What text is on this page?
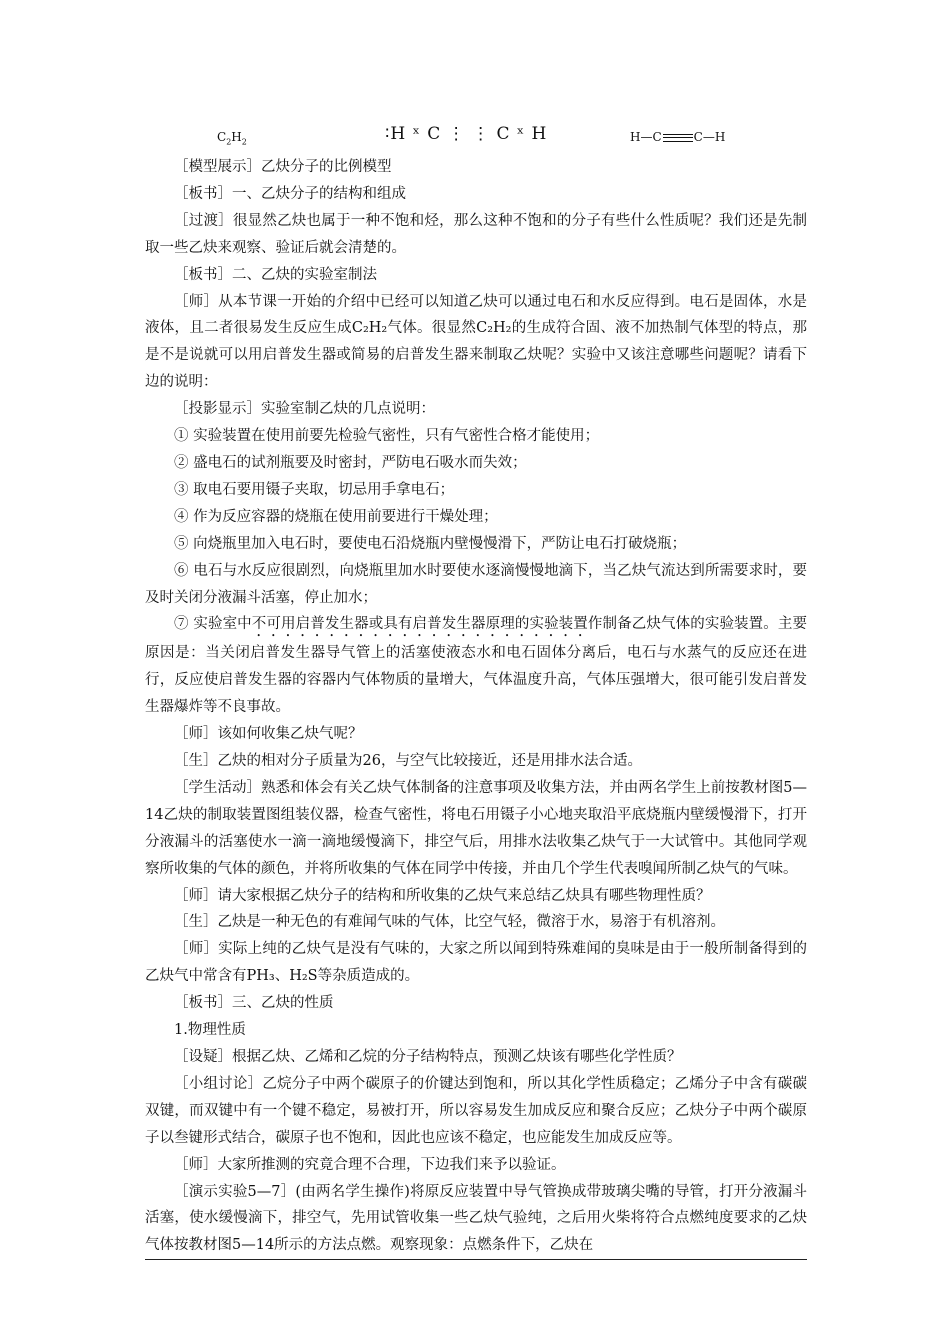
$C_2H_2$	∶H ˣ C ⋮ ⋮ C ˣ H	H—C	C—H

［模型展示］乙炔分子的比例模型

［板书］一、乙炔分子的结构和组成

［过渡］很显然乙炔也属于一种不饱和烃，那么这种不饱和的分子有些什么性质呢？我们还是先制取一些乙炔来观察、验证后就会清楚的。

［板书］二、乙炔的实验室制法

［师］从本节课一开始的介绍中已经可以知道乙炔可以通过电石和水反应得到。电石是固体，水是液体，且二者很易发生反应生成C₂H₂气体。很显然C₂H₂的生成符合固、液不加热制气体型的特点，那是不是说就可以用启普发生器或简易的启普发生器来制取乙炔呢？实验中又该注意哪些问题呢？请看下边的说明：

［投影显示］实验室制乙炔的几点说明：

① 实验装置在使用前要先检验气密性，只有气密性合格才能使用；

② 盛电石的试剂瓶要及时密封，严防电石吸水而失效；

③ 取电石要用镊子夹取，切忌用手拿电石；

④ 作为反应容器的烧瓶在使用前要进行干燥处理；

⑤ 向烧瓶里加入电石时，要使电石沿烧瓶内壁慢慢滑下，严防让电石打破烧瓶；

⑥ 电石与水反应很剧烈，向烧瓶里加水时要使水逐滴慢慢地滴下，当乙炔气流达到所需要求时，要及时关闭分液漏斗活塞，停止加水；

⑦ 实验室中不可用启普发生器或具有启普发生器原理的实验装置作制备乙炔气体的实验装置。主要原因是：当关闭启普发生器导气管上的活塞使液态水和电石固体分离后，电石与水蒸气的反应还在进行，反应使启普发生器的容器内气体物质的量增大，气体温度升高，气体压强增大，很可能引发启普发生器爆炸等不良事故。

［师］该如何收集乙炔气呢？

［生］乙炔的相对分子质量为26，与空气比较接近，还是用排水法合适。

［学生活动］熟悉和体会有关乙炔气体制备的注意事项及收集方法，并由两名学生上前按教材图5—14乙炔的制取装置图组装仪器，检查气密性，将电石用镊子小心地夹取沿平底烧瓶内壁缓慢滑下，打开分液漏斗的活塞使水一滴一滴地缓慢滴下，排空气后，用排水法收集乙炔气于一大试管中。其他同学观察所收集的气体的颜色，并将所收集的气体在同学中传接，并由几个学生代表嗅闻所制乙炔气的气味。

［师］请大家根据乙炔分子的结构和所收集的乙炔气来总结乙炔具有哪些物理性质？

［生］乙炔是一种无色的有难闻气味的气体，比空气轻，微溶于水，易溶于有机溶剂。

［师］实际上纯的乙炔气是没有气味的，大家之所以闻到特殊难闻的臭味是由于一般所制备得到的乙炔气中常含有PH₃、H₂S等杂质造成的。

［板书］三、乙炔的性质

1.物理性质

［设疑］根据乙炔、乙烯和乙烷的分子结构特点，预测乙炔该有哪些化学性质？

［小组讨论］乙烷分子中两个碳原子的价键达到饱和，所以其化学性质稳定；乙烯分子中含有碳碳双键，而双键中有一个键不稳定，易被打开，所以容易发生加成反应和聚合反应；乙炔分子中两个碳原子以叁键形式结合，碳原子也不饱和，因此也应该不稳定，也应能发生加成反应等。

［师］大家所推测的究竟合理不合理，下边我们来予以验证。

［演示实验5—7］(由两名学生操作)将原反应装置中导气管换成带玻璃尖嘴的导管，打开分液漏斗活塞，使水缓慢滴下，排空气，先用试管收集一些乙炔气验纯，之后用火柴将符合点燃纯度要求的乙炔气体按教材图5—14所示的方法点燃。观察现象：点燃条件下，乙炔在
